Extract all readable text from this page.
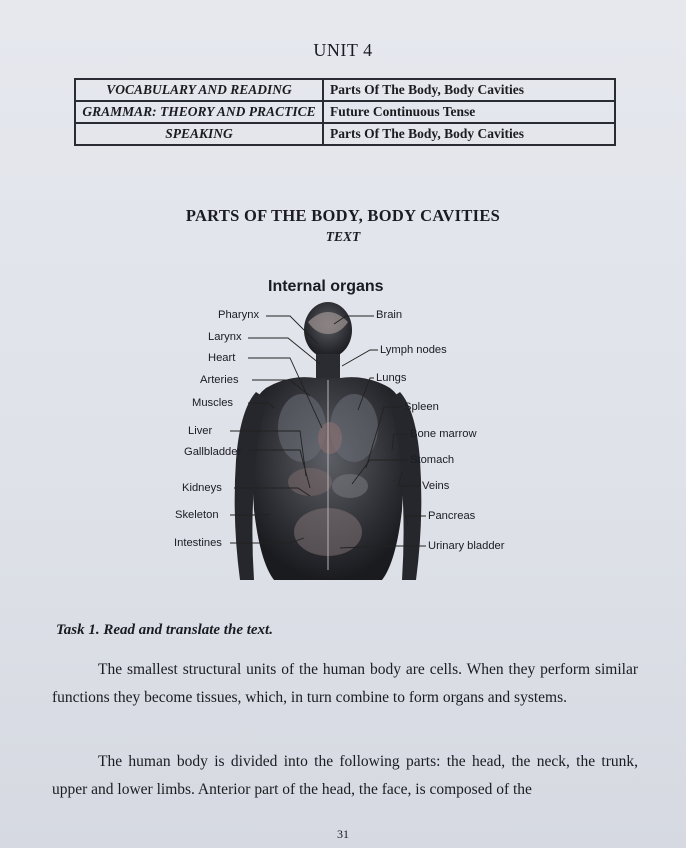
UNIT 4
VOCABULARY AND READING	Parts Of The Body, Body Cavities
GRAMMAR: THEORY AND PRACTICE	Future Continuous Tense
SPEAKING	Parts Of The Body, Body Cavities
PARTS OF THE BODY, BODY CAVITIES
TEXT
Internal organs
Pharynx
Larynx
Heart
Arteries
Muscles
Liver
Gallbladder
Kidneys
Skeleton
Intestines
Brain
Lymph nodes
Lungs
Spleen
Bone marrow
Stomach
Veins
Pancreas
Urinary bladder
Task 1. Read and translate the text.
The smallest structural units of the human body are cells. When they perform similar functions they become tissues, which, in turn combine to form organs and systems.
The human body is divided into the following parts: the head, the neck, the trunk, upper and lower limbs. Anterior part of the head, the face, is composed of the
31
